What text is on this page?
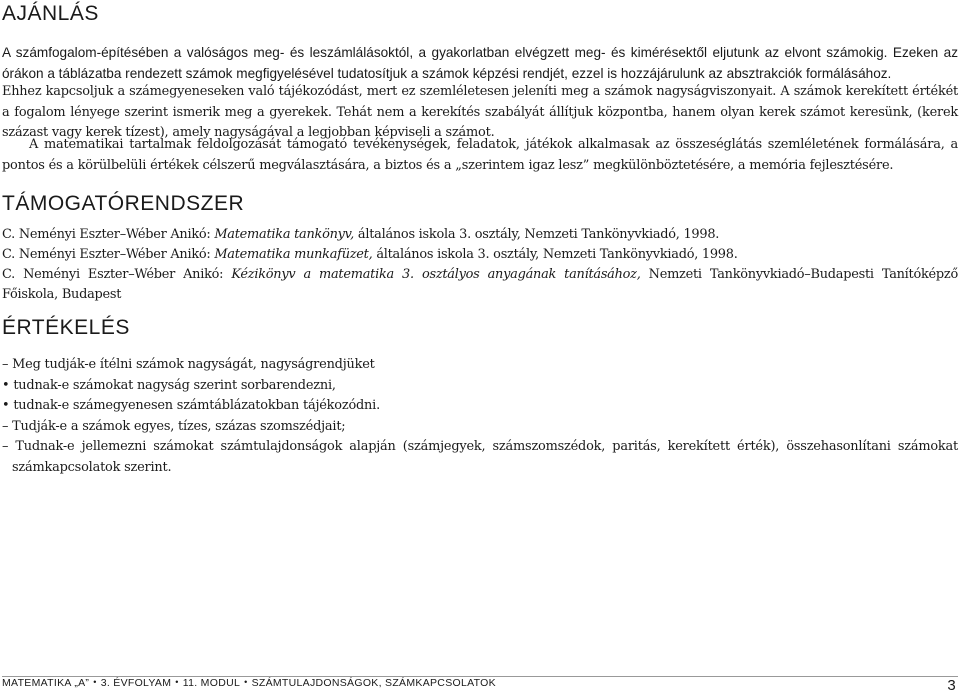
AJÁNLÁS
A számfogalom-építésében a valóságos meg- és leszámlálásoktól, a gyakorlatban elvégzett meg- és kimérésektől eljutunk az elvont számokig. Ezeken az órákon a táblázatba rendezett számok megfigyelésével tudatosítjuk a számok képzési rendjét, ezzel is hozzájárulunk az absztrakciók formálásához.
Ehhez kapcsoljuk a számegyeneseken való tájékozódást, mert ez szemléletesen jeleníti meg a számok nagyságviszonyait. A számok kerekített értékét a fogalom lényege szerint ismerik meg a gyerekek. Tehát nem a kerekítés szabályát állítjuk központba, hanem olyan kerek számot keresünk, (kerek százast vagy kerek tízest), amely nagyságával a legjobban képviseli a számot.
A matematikai tartalmak feldolgozását támogató tevékenységek, feladatok, játékok alkalmasak az összeséglátás szemléletének formálására, a pontos és a körülbelüli értékek célszerű megválasztására, a biztos és a „szerintem igaz lesz” megkülönböztetésére, a memória fejlesztésére.
TÁMOGATÓRENDSZER
C. Neményi Eszter–Wéber Anikó: Matematika tankönyv, általános iskola 3. osztály, Nemzeti Tankönyvkiadó, 1998.
C. Neményi Eszter–Wéber Anikó: Matematika munkafüzet, általános iskola 3. osztály, Nemzeti Tankönyvkiadó, 1998.
C. Neményi Eszter–Wéber Anikó: Kézikönyv a matematika 3. osztályos anyagának tanításához, Nemzeti Tankönyvkiadó–Budapesti Tanítóképző Főiskola, Budapest
ÉRTÉKELÉS
– Meg tudják-e ítélni számok nagyságát, nagyságrendjüket
• tudnak-e számokat nagyság szerint sorbarendezni,
• tudnak-e számegyenesen számtáblázatokban tájékozódni.
– Tudják-e a számok egyes, tízes, százas szomszédjait;
– Tudnak-e jellemezni számokat számtulajdonságok alapján (számjegyek, számszomszédok, paritás, kerekített érték), összehasonlítani számokat számkapcsolatok szerint.
MATEMATIKA „A” • 3. ÉVFOLYAM • 11. MODUL • SZÁMTULAJDONSÁGOK, SZÁMKAPCSOLATOK	3
